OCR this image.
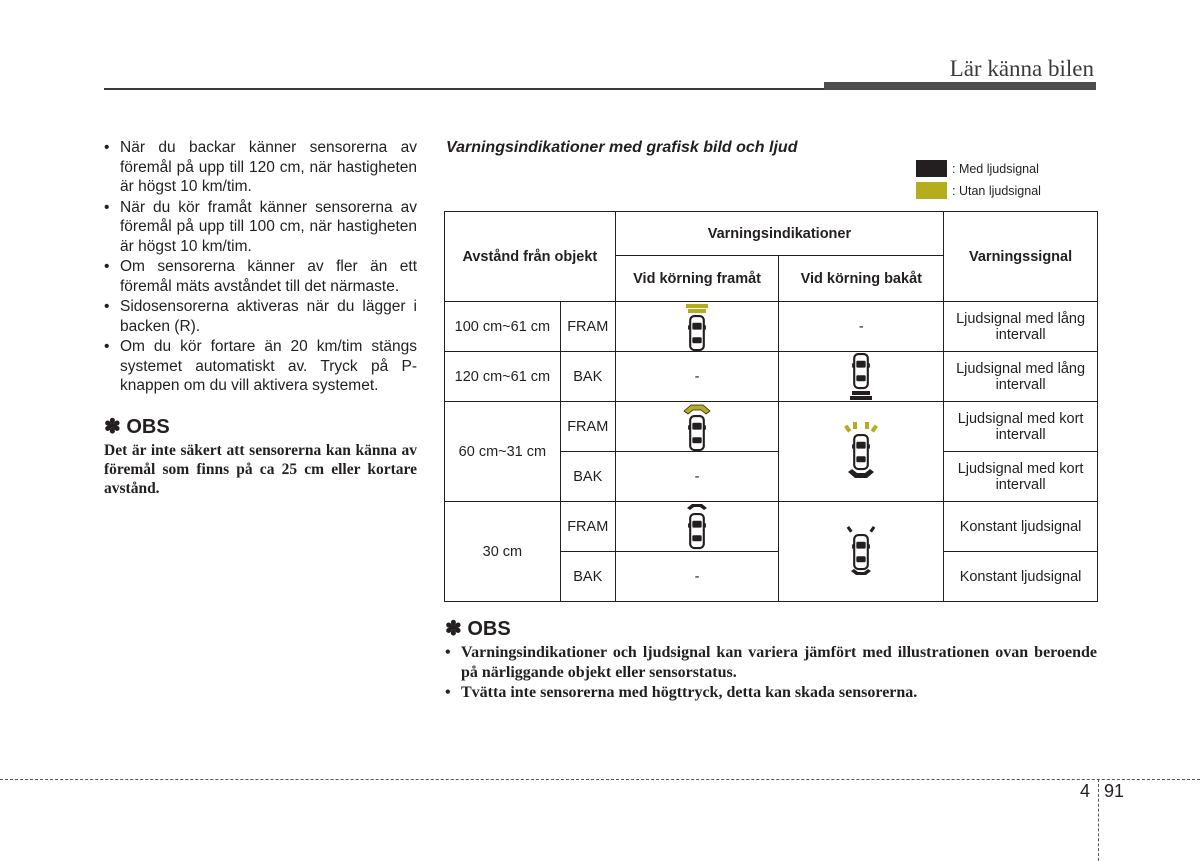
Lär känna bilen
• När du backar känner sensorerna av föremål på upp till 120 cm, när hastigheten är högst 10 km/tim.
• När du kör framåt känner sensorerna av föremål på upp till 100 cm, när hastigheten är högst 10 km/tim.
• Om sensorerna känner av fler än ett föremål mäts avståndet till det närmaste.
• Sidosensorerna aktiveras när du lägger i backen (R).
• Om du kör fortare än 20 km/tim stängs systemet automatiskt av. Tryck på P-knappen om du vill aktivera systemet.
✽ OBS
Det är inte säkert att sensorerna kan känna av föremål som finns på ca 25 cm eller kortare avstånd.
Varningsindikationer med grafisk bild och ljud
: Med ljudsignal
: Utan ljudsignal
Avstånd från objekt		Varningsindikationer		Varningssignal
		Vid körning framåt	Vid körning bakåt	
100 cm~61 cm	FRAM		-	Ljudsignal med lång intervall
120 cm~61 cm	BAK	-		Ljudsignal med lång intervall
60 cm~31 cm	FRAM			Ljudsignal med kort intervall
	BAK	-		Ljudsignal med kort intervall
30 cm	FRAM			Konstant ljudsignal
	BAK	-		Konstant ljudsignal
✽ OBS
• Varningsindikationer och ljudsignal kan variera jämfört med illustrationen ovan beroende på närliggande objekt eller sensorstatus.
• Tvätta inte sensorerna med högttryck, detta kan skada sensorerna.
4 91
